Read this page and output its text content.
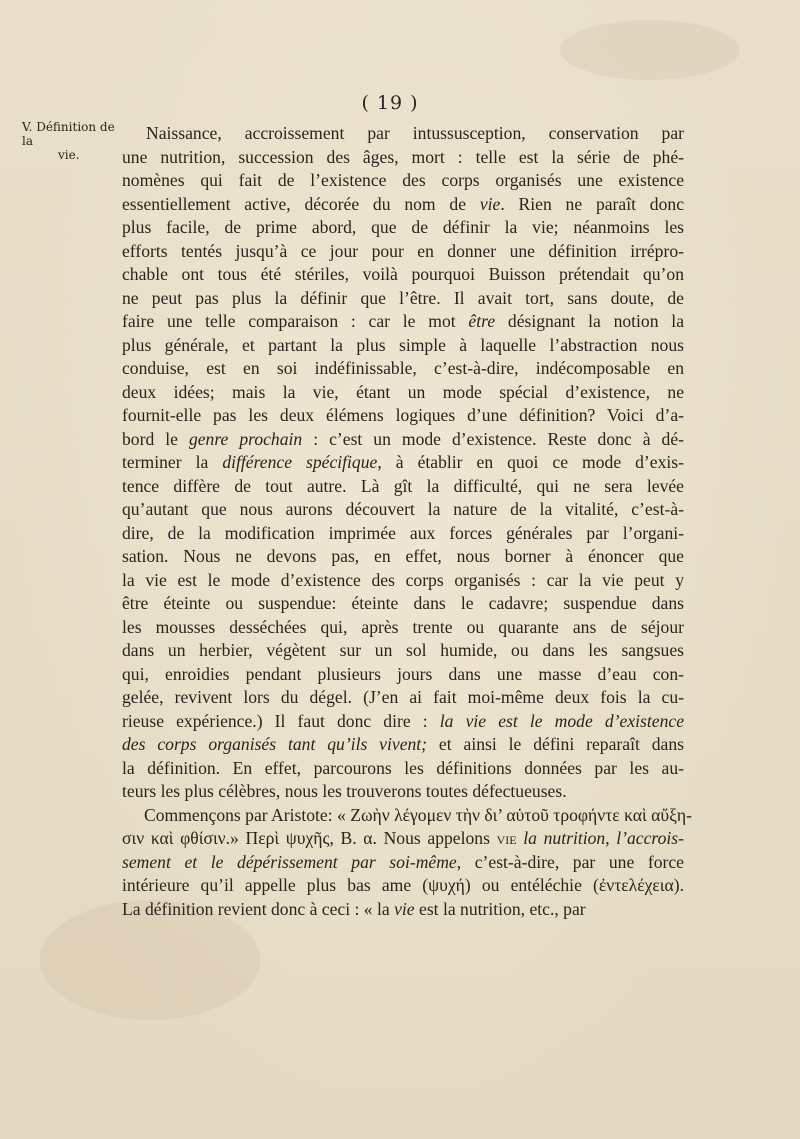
( 19 )
V. Définition de la
vie.
Naissance, accroissement par intussusception, conservation par
une nutrition, succession des âges, mort : telle est la série de phé-
nomènes qui fait de l’existence des corps organisés une existence
essentiellement active, décorée du nom de vie. Rien ne paraît donc
plus facile, de prime abord, que de définir la vie; néanmoins les
efforts tentés jusqu’à ce jour pour en donner une définition irrépro-
chable ont tous été stériles, voilà pourquoi Buisson prétendait qu’on
ne peut pas plus la définir que l’être. Il avait tort, sans doute, de
faire une telle comparaison : car le mot être désignant la notion la
plus générale, et partant la plus simple à laquelle l’abstraction nous
conduise, est en soi indéfinissable, c’est-à-dire, indécomposable en
deux idées; mais la vie, étant un mode spécial d’existence, ne
fournit-elle pas les deux élémens logiques d’une définition? Voici d’a-
bord le genre prochain : c’est un mode d’existence. Reste donc à dé-
terminer la différence spécifique, à établir en quoi ce mode d’exis-
tence diffère de tout autre. Là gît la difficulté, qui ne sera levée
qu’autant que nous aurons découvert la nature de la vitalité, c’est-à-
dire, de la modification imprimée aux forces générales par l’organi-
sation. Nous ne devons pas, en effet, nous borner à énoncer que
la vie est le mode d’existence des corps organisés : car la vie peut y
être éteinte ou suspendue: éteinte dans le cadavre; suspendue dans
les mousses desséchées qui, après trente ou quarante ans de séjour
dans un herbier, végètent sur un sol humide, ou dans les sangsues
qui, enroidies pendant plusieurs jours dans une masse d’eau con-
gelée, revivent lors du dégel. (J’en ai fait moi-même deux fois la cu-
rieuse expérience.) Il faut donc dire : la vie est le mode d’existence
des corps organisés tant qu’ils vivent; et ainsi le défini reparaît dans
la définition. En effet, parcourons les définitions données par les au-
teurs les plus célèbres, nous les trouverons toutes défectueuses.
Commençons par Aristote: « Ζωὴν λέγομεν τὴν δι’ αὑτοῦ τροφήντε καὶ αὔξη-
σιν καὶ φθίσιν.» Περὶ ψυχῆς, Β. α. Nous appelons vie la nutrition, l’accrois-
sement et le dépérissement par soi-même, c’est-à-dire, par une force
intérieure qu’il appelle plus bas ame (ψυχή) ou entéléchie (ἐντελέχεια).
La définition revient donc à ceci : « la vie est la nutrition, etc., par
